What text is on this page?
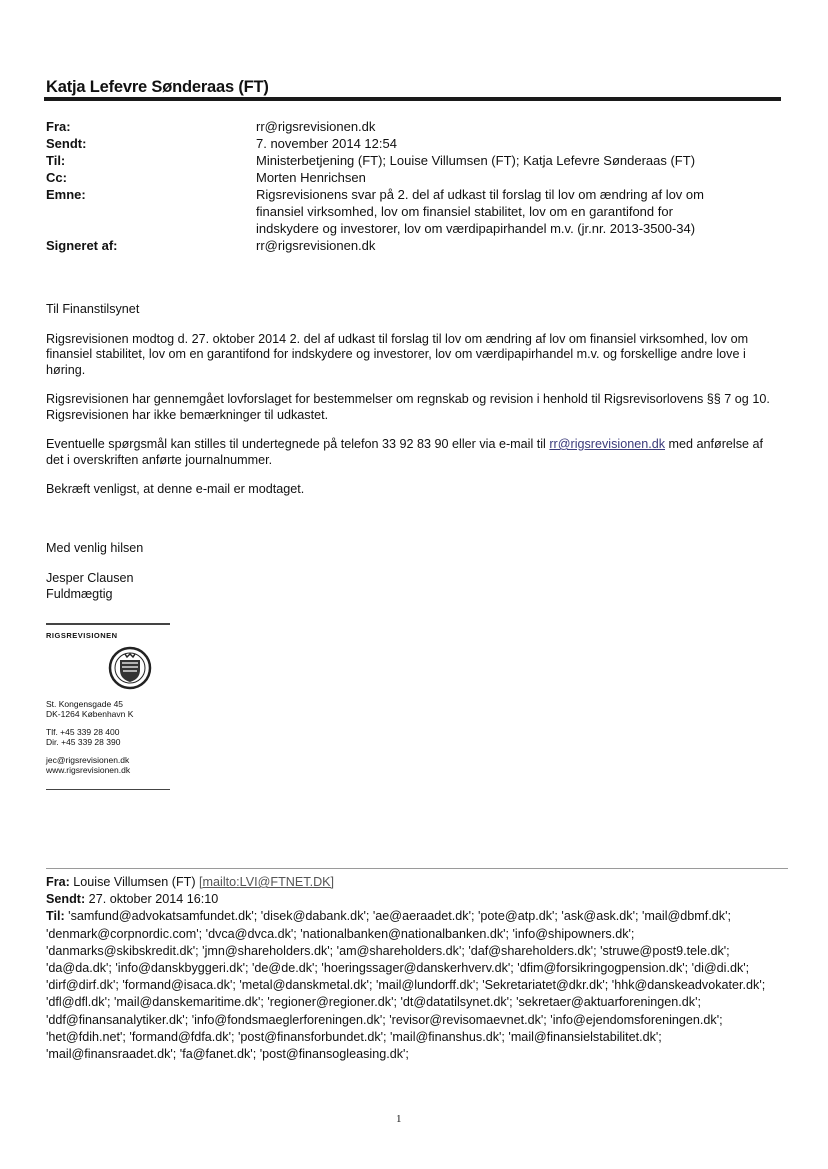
Katja Lefevre Sønderaas (FT)
Fra:	rr@rigsrevisionen.dk
Sendt:	7. november 2014 12:54
Til:	Ministerbetjening (FT); Louise Villumsen (FT); Katja Lefevre Sønderaas (FT)
Cc:	Morten Henrichsen
Emne:	Rigsrevisionens svar på 2. del af udkast til forslag til lov om ændring af lov om finansiel virksomhed, lov om finansiel stabilitet, lov om en garantifond for indskydere og investorer, lov om værdipapirhandel m.v. (jr.nr. 2013-3500-34)
Signeret af:	rr@rigsrevisionen.dk

Til Finanstilsynet

Rigsrevisionen modtog d. 27. oktober 2014 2. del af udkast til forslag til lov om ændring af lov om finansiel virksomhed, lov om finansiel stabilitet, lov om en garantifond for indskydere og investorer, lov om værdipapirhandel m.v. og forskellige andre love i høring.

Rigsrevisionen har gennemgået lovforslaget for bestemmelser om regnskab og revision i henhold til Rigsrevisorlovens §§ 7 og 10. Rigsrevisionen har ikke bemærkninger til udkastet.

Eventuelle spørgsmål kan stilles til undertegnede på telefon 33 92 83 90 eller via e-mail til rr@rigsrevisionen.dk med anførelse af det i overskriften anførte journalnummer.

Bekræft venligst, at denne e-mail er modtaget.

Med venlig hilsen

Jesper Clausen
Fuldmægtig
RIGSREVISIONEN
St. Kongensgade 45
DK-1264 København K
Tlf. +45 339 28 400
Dir. +45 339 28 390
jec@rigsrevisionen.dk
www.rigsrevisionen.dk
Fra: Louise Villumsen (FT) [mailto:LVI@FTNET.DK]
Sendt: 27. oktober 2014 16:10
Til: 'samfund@advokatsamfundet.dk'; 'disek@dabank.dk'; 'ae@aeraadet.dk'; 'pote@atp.dk'; 'ask@ask.dk'; 'mail@dbmf.dk'; 'denmark@corpnordic.com'; 'dvca@dvca.dk'; 'nationalbanken@nationalbanken.dk'; 'info@shipowners.dk'; 'danmarks@skibskredit.dk'; 'jmn@shareholders.dk'; 'am@shareholders.dk'; 'daf@shareholders.dk'; 'struwe@post9.tele.dk'; 'da@da.dk'; 'info@danskbyggeri.dk'; 'de@de.dk'; 'hoeringssager@danskerhverv.dk'; 'dfim@forsikringogpension.dk'; 'di@di.dk'; 'dirf@dirf.dk'; 'formand@isaca.dk'; 'metal@danskmetal.dk'; 'mail@lundorff.dk'; 'Sekretariatet@dkr.dk'; 'hhk@danskeadvokater.dk'; 'dfl@dfl.dk'; 'mail@danskemaritime.dk'; 'regioner@regioner.dk'; 'dt@datatilsynet.dk'; 'sekretaer@aktuarforeningen.dk'; 'ddf@finansanalytiker.dk'; 'info@fondsmaeglerforeningen.dk'; 'revisor@revisomaevnet.dk'; 'info@ejendomsforeningen.dk'; 'het@fdih.net'; 'formand@fdfa.dk'; 'post@finansforbundet.dk'; 'mail@finanshus.dk'; 'mail@finansielstabilitet.dk'; 'mail@finansraadet.dk'; 'fa@fanet.dk'; 'post@finansogleasing.dk';
1
